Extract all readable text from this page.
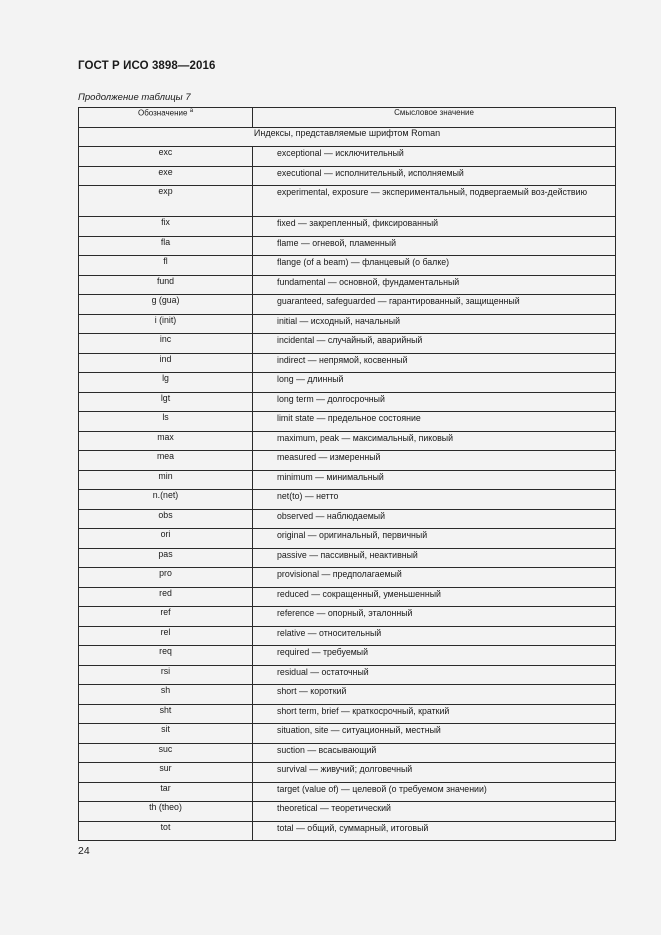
ГОСТ Р ИСО 3898—2016
Продолжение таблицы 7
Обозначение $^a$	Смысловое значение
Индексы, представляемые шрифтом Roman	
exc	exceptional — исключительный

exe	executional — исполнительный, исполняемый

exp	experimental, exposure — экспериментальный, подвергаемый воз-действию

fix	fixed — закрепленный, фиксированный

fla	flame — огневой, пламенный

fl	flange (of a beam) — фланцевый (о балке)

fund	fundamental — основной, фундаментальный

g (gua)	guaranteed, safeguarded — гарантированный, защищенный

i (init)	initial — исходный, начальный

inc	incidental — случайный, аварийный

ind	indirect — непрямой, косвенный

lg	long — длинный

lgt	long term — долгосрочный

ls	limit state — предельное состояние

max	maximum, peak — максимальный, пиковый

mea	measured — измеренный

min	minimum — минимальный

n.(net)	net(to) — нетто

obs	observed — наблюдаемый

ori	original — оригинальный, первичный

pas	passive — пассивный, неактивный

pro	provisional — предполагаемый

red	reduced — сокращенный, уменьшенный

ref	reference — опорный, эталонный

rel	relative — относительный

req	required — требуемый

rsi	residual — остаточный

sh	short — короткий

sht	short term, brief — краткосрочный, краткий

sit	situation, site — ситуационный, местный

suc	suction — всасывающий

sur	survival — живучий; долговечный

tar	target (value of) — целевой (о требуемом значении)

th (theo)	theoretical — теоретический

tot	total — общий, суммарный, итоговый
24
